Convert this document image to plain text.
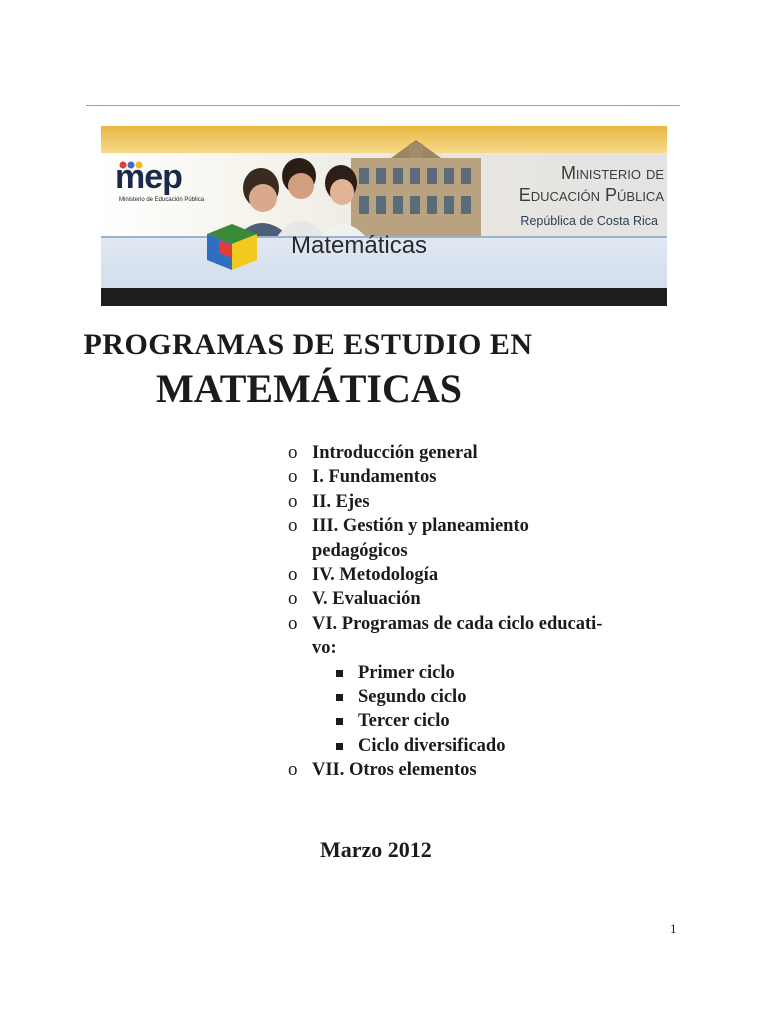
mep
Ministerio de Educación Pública
Ministerio de
Educación Pública
República de Costa Rica
Matemáticas
PROGRAMAS DE ESTUDIO EN
MATEMÁTICAS
o Introducción general
o I. Fundamentos
o II. Ejes
o III. Gestión y planeamiento
pedagógicos
o IV. Metodología
o V. Evaluación
o VI. Programas de cada ciclo educati-
vo:
Primer ciclo
Segundo ciclo
Tercer ciclo
Ciclo diversificado
o VII. Otros elementos
Marzo 2012
1
